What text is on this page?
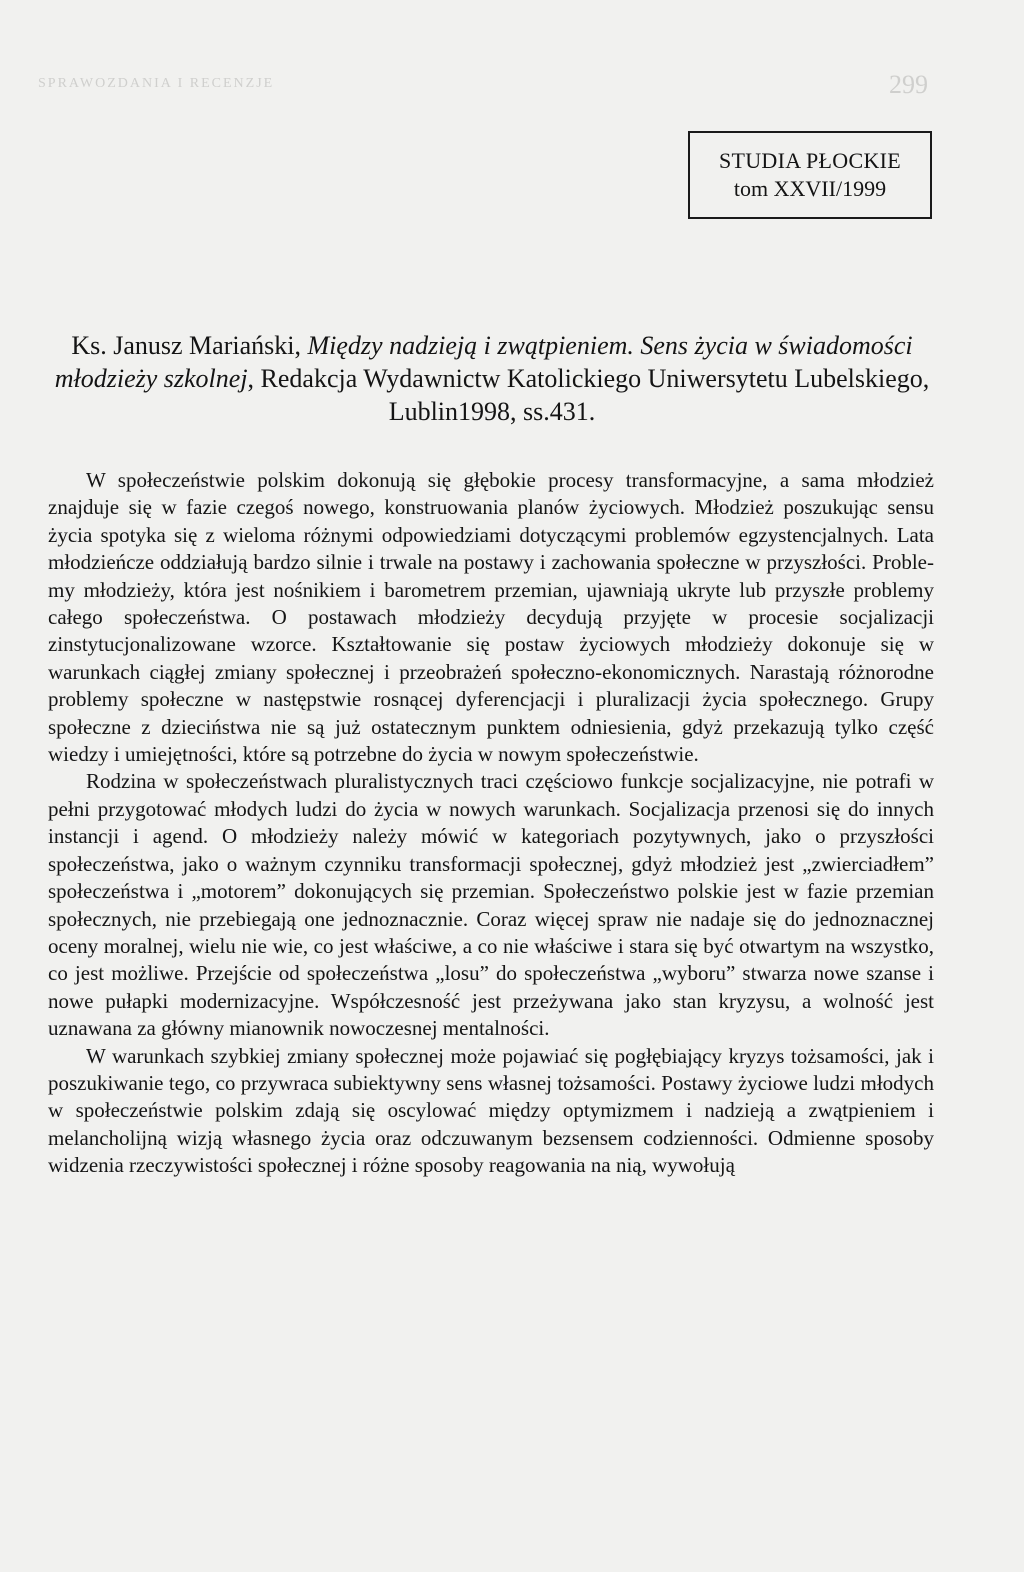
SPRAWOZDANIA I RECENZJE	299
STUDIA PŁOCKIE
tom XXVII/1999
Ks. Janusz Mariański, Między nadzieją i zwątpieniem. Sens życia w świadomości młodzieży szkolnej, Redakcja Wydawnictw Katolickiego Uniwersytetu Lubelskiego, Lublin1998, ss.431.

W społeczeństwie polskim dokonują się głębokie procesy transformacyjne, a sama młodzież znajduje się w fazie czegoś nowego, konstruowania planów życiowych. Młodzież poszukując sensu życia spotyka się z wieloma różnymi odpowiedziami dotyczącymi problemów egzystencjalnych. Lata młodzieńcze oddziałują bardzo silnie i trwale na postawy i zachowania społeczne w przyszłości. Problemy młodzieży, która jest nośnikiem i barometrem przemian, ujawniają ukryte lub przyszłe problemy całego społeczeństwa. O postawach młodzieży decydują przyjęte w procesie socjalizacji zinstytucjonalizowane wzorce. Kształtowanie się postaw życiowych młodzieży dokonuje się w warunkach ciągłej zmiany społecznej i przeobrażeń społeczno-ekonomicznych. Narastają różnorodne problemy społeczne w następstwie rosnącej dyferencjacji i pluralizacji życia społecznego. Grupy społeczne z dzieciństwa nie są już ostatecznym punktem odniesienia, gdyż przekazują tylko część wiedzy i umiejętności, które są potrzebne do życia w nowym społeczeństwie.

Rodzina w społeczeństwach pluralistycznych traci częściowo funkcje socjalizacyjne, nie potrafi w pełni przygotować młodych ludzi do życia w nowych warunkach. Socjalizacja przenosi się do innych instancji i agend. O młodzieży należy mówić w kategoriach pozytywnych, jako o przyszłości społeczeństwa, jako o ważnym czynniku transformacji społecznej, gdyż młodzież jest „zwierciadłem” społeczeństwa i „motorem” dokonujących się przemian. Społeczeństwo polskie jest w fazie przemian społecznych, nie przebiegają one jednoznacznie. Coraz więcej spraw nie nadaje się do jednoznacznej oceny moralnej, wielu nie wie, co jest właściwe, a co nie właściwe i stara się być otwartym na wszystko, co jest możliwe. Przejście od społeczeństwa „losu” do społeczeństwa „wyboru” stwarza nowe szanse i nowe pułapki modernizacyjne. Współczesność jest przeżywana jako stan kryzysu, a wolność jest uznawana za główny mianownik nowoczesnej mentalności.

W warunkach szybkiej zmiany społecznej może pojawiać się pogłębiający kryzys tożsamości, jak i poszukiwanie tego, co przywraca subiektywny sens własnej tożsamości. Postawy życiowe ludzi młodych w społeczeństwie polskim zdają się oscylować między optymizmem i nadzieją a zwątpieniem i melancholijną wizją własnego życia oraz odczuwanym bezsensem codzienności. Odmienne sposoby widzenia rzeczywistości społecznej i różne sposoby reagowania na nią, wywołują
